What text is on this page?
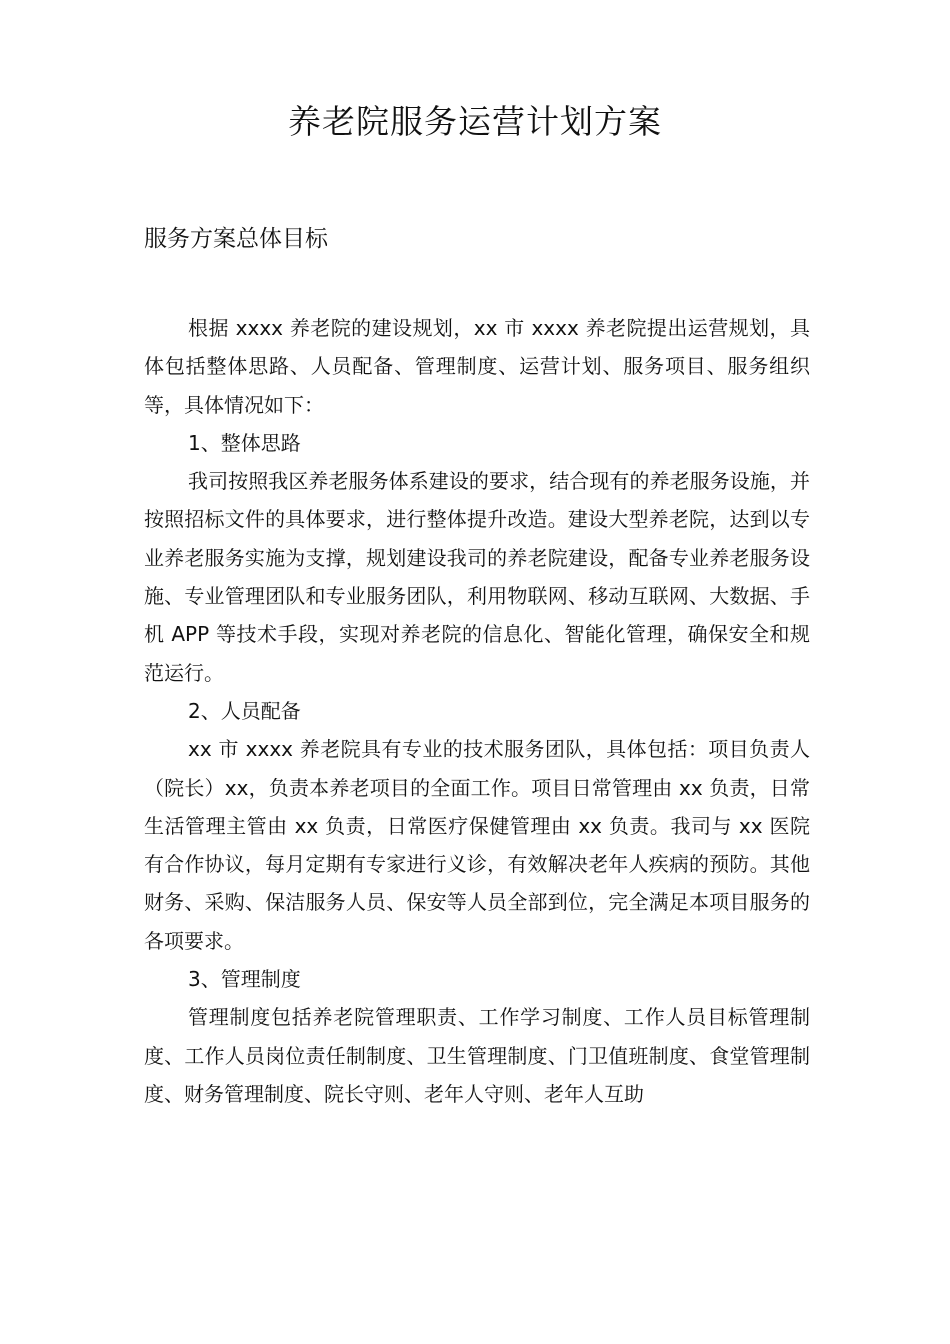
养老院服务运营计划方案
服务方案总体目标

根据 xxxx 养老院的建设规划，xx 市 xxxx 养老院提出运营规划，具体包括整体思路、人员配备、管理制度、运营计划、服务项目、服务组织等，具体情况如下：

1、整体思路

我司按照我区养老服务体系建设的要求，结合现有的养老服务设施，并按照招标文件的具体要求，进行整体提升改造。建设大型养老院，达到以专业养老服务实施为支撑，规划建设我司的养老院建设，配备专业养老服务设施、专业管理团队和专业服务团队，利用物联网、移动互联网、大数据、手机 APP 等技术手段，实现对养老院的信息化、智能化管理，确保安全和规范运行。

2、人员配备

xx 市 xxxx 养老院具有专业的技术服务团队，具体包括：项目负责人（院长）xx，负责本养老项目的全面工作。项目日常管理由 xx 负责，日常生活管理主管由 xx 负责，日常医疗保健管理由 xx 负责。我司与 xx 医院有合作协议，每月定期有专家进行义诊，有效解决老年人疾病的预防。其他财务、采购、保洁服务人员、保安等人员全部到位，完全满足本项目服务的各项要求。

3、管理制度

管理制度包括养老院管理职责、工作学习制度、工作人员目标管理制度、工作人员岗位责任制制度、卫生管理制度、门卫值班制度、食堂管理制度、财务管理制度、院长守则、老年人守则、老年人互助
